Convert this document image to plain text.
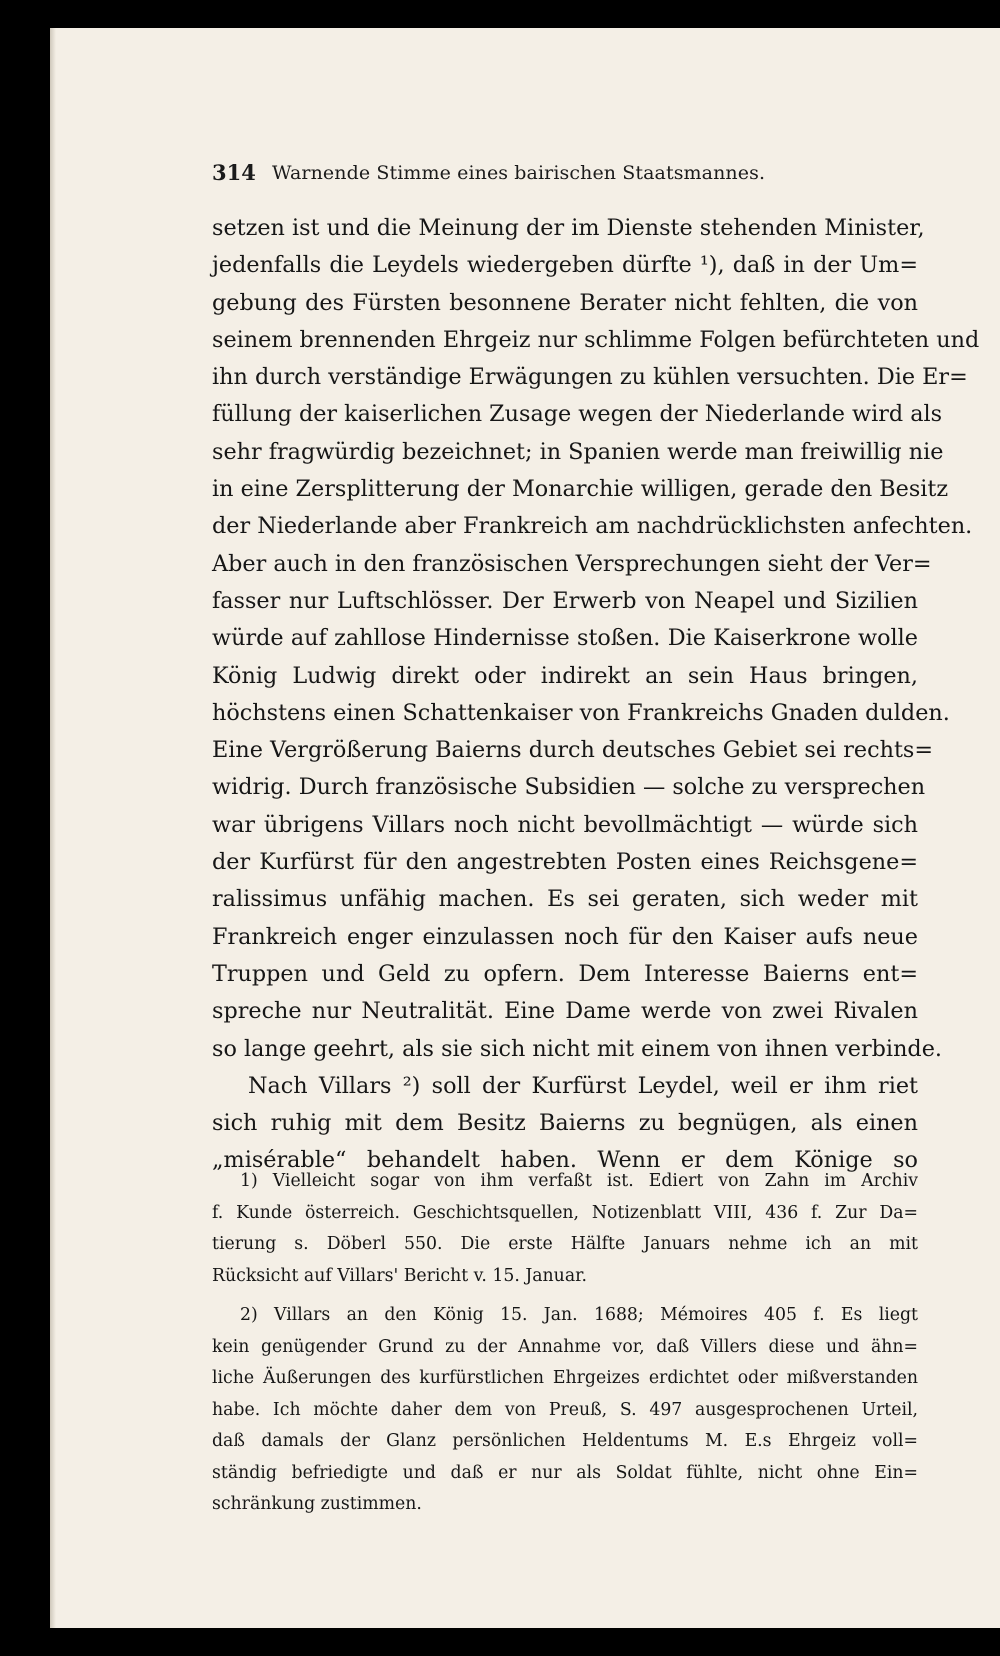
314 Warnende Stimme eines bairischen Staatsmannes.
setzen ist und die Meinung der im Dienste stehenden Minister,
jedenfalls die Leydels wiedergeben dürfte ¹), daß in der Um=
gebung des Fürsten besonnene Berater nicht fehlten, die von
seinem brennenden Ehrgeiz nur schlimme Folgen befürchteten und
ihn durch verständige Erwägungen zu kühlen versuchten. Die Er=
füllung der kaiserlichen Zusage wegen der Niederlande wird als
sehr fragwürdig bezeichnet; in Spanien werde man freiwillig nie
in eine Zersplitterung der Monarchie willigen, gerade den Besitz
der Niederlande aber Frankreich am nachdrücklichsten anfechten.
Aber auch in den französischen Versprechungen sieht der Ver=
fasser nur Luftschlösser. Der Erwerb von Neapel und Sizilien
würde auf zahllose Hindernisse stoßen. Die Kaiserkrone wolle
König Ludwig direkt oder indirekt an sein Haus bringen,
höchstens einen Schattenkaiser von Frankreichs Gnaden dulden.
Eine Vergrößerung Baierns durch deutsches Gebiet sei rechts=
widrig. Durch französische Subsidien — solche zu versprechen
war übrigens Villars noch nicht bevollmächtigt — würde sich
der Kurfürst für den angestrebten Posten eines Reichsgene=
ralissimus unfähig machen. Es sei geraten, sich weder mit
Frankreich enger einzulassen noch für den Kaiser aufs neue
Truppen und Geld zu opfern. Dem Interesse Baierns ent=
spreche nur Neutralität. Eine Dame werde von zwei Rivalen
so lange geehrt, als sie sich nicht mit einem von ihnen verbinde.
Nach Villars ²) soll der Kurfürst Leydel, weil er ihm riet
sich ruhig mit dem Besitz Baierns zu begnügen, als einen
„misérable“ behandelt haben. Wenn er dem Könige so
1) Vielleicht sogar von ihm verfaßt ist. Ediert von Zahn im Archiv
f. Kunde österreich. Geschichtsquellen, Notizenblatt VIII, 436 f. Zur Da=
tierung s. Döberl 550. Die erste Hälfte Januars nehme ich an mit
Rücksicht auf Villars' Bericht v. 15. Januar.
2) Villars an den König 15. Jan. 1688; Mémoires 405 f. Es liegt
kein genügender Grund zu der Annahme vor, daß Villers diese und ähn=
liche Äußerungen des kurfürstlichen Ehrgeizes erdichtet oder mißverstanden
habe. Ich möchte daher dem von Preuß, S. 497 ausgesprochenen Urteil,
daß damals der Glanz persönlichen Heldentums M. E.s Ehrgeiz voll=
ständig befriedigte und daß er nur als Soldat fühlte, nicht ohne Ein=
schränkung zustimmen.
